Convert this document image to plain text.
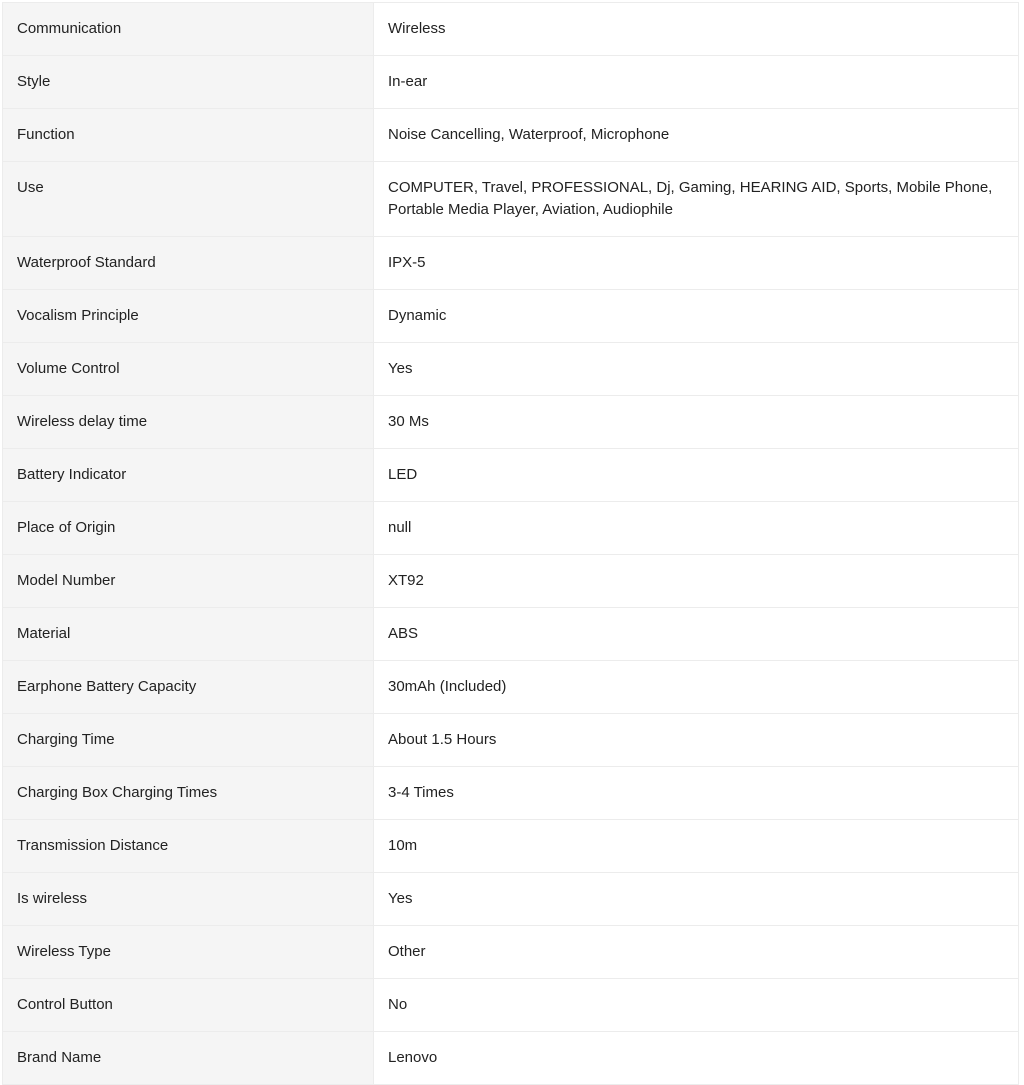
Communication	Wireless
Style	In-ear
Function	Noise Cancelling, Waterproof, Microphone
Use	COMPUTER, Travel, PROFESSIONAL, Dj, Gaming, HEARING AID, Sports, Mobile Phone, Portable Media Player, Aviation, Audiophile
Waterproof Standard	IPX-5
Vocalism Principle	Dynamic
Volume Control	Yes
Wireless delay time	30 Ms
Battery Indicator	LED
Place of Origin	null
Model Number	XT92
Material	ABS
Earphone Battery Capacity	30mAh (Included)
Charging Time	About 1.5 Hours
Charging Box Charging Times	3-4 Times
Transmission Distance	10m
Is wireless	Yes
Wireless Type	Other
Control Button	No
Brand Name	Lenovo
